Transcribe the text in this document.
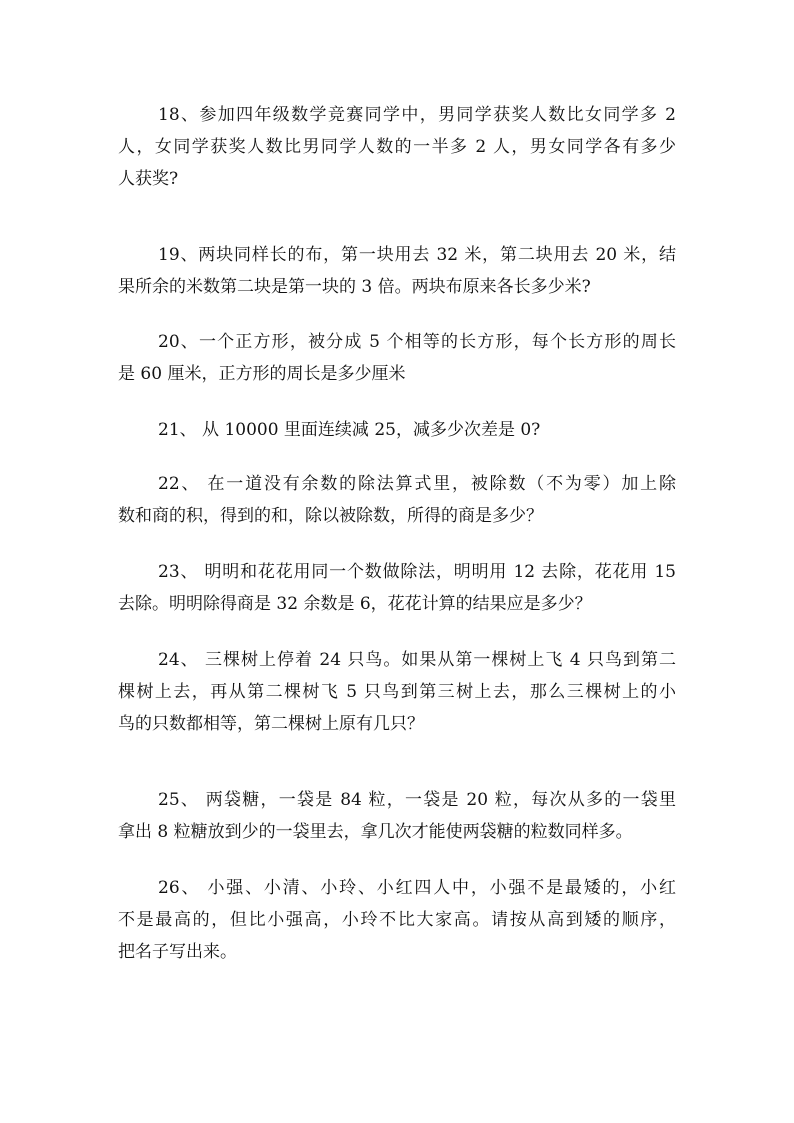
18、参加四年级数学竞赛同学中，男同学获奖人数比女同学多 2
人，女同学获奖人数比男同学人数的一半多 2 人，男女同学各有多少
人获奖?
19、两块同样长的布，第一块用去 32 米，第二块用去 20 米，结
果所余的米数第二块是第一块的 3 倍。两块布原来各长多少米?
20、一个正方形，被分成 5 个相等的长方形，每个长方形的周长
是 60 厘米，正方形的周长是多少厘米
21、 从 10000 里面连续减 25，减多少次差是 0?
22、 在一道没有余数的除法算式里，被除数（不为零）加上除
数和商的积，得到的和，除以被除数，所得的商是多少？
23、 明明和花花用同一个数做除法，明明用 12 去除，花花用 15
去除。明明除得商是 32 余数是 6，花花计算的结果应是多少？
24、 三棵树上停着 24 只鸟。如果从第一棵树上飞 4 只鸟到第二
棵树上去，再从第二棵树飞 5 只鸟到第三树上去，那么三棵树上的小
鸟的只数都相等，第二棵树上原有几只？
25、 两袋糖，一袋是 84 粒，一袋是 20 粒，每次从多的一袋里
拿出 8 粒糖放到少的一袋里去，拿几次才能使两袋糖的粒数同样多。
26、 小强、小清、小玲、小红四人中，小强不是最矮的，小红
不是最高的，但比小强高，小玲不比大家高。请按从高到矮的顺序，
把名子写出来。
